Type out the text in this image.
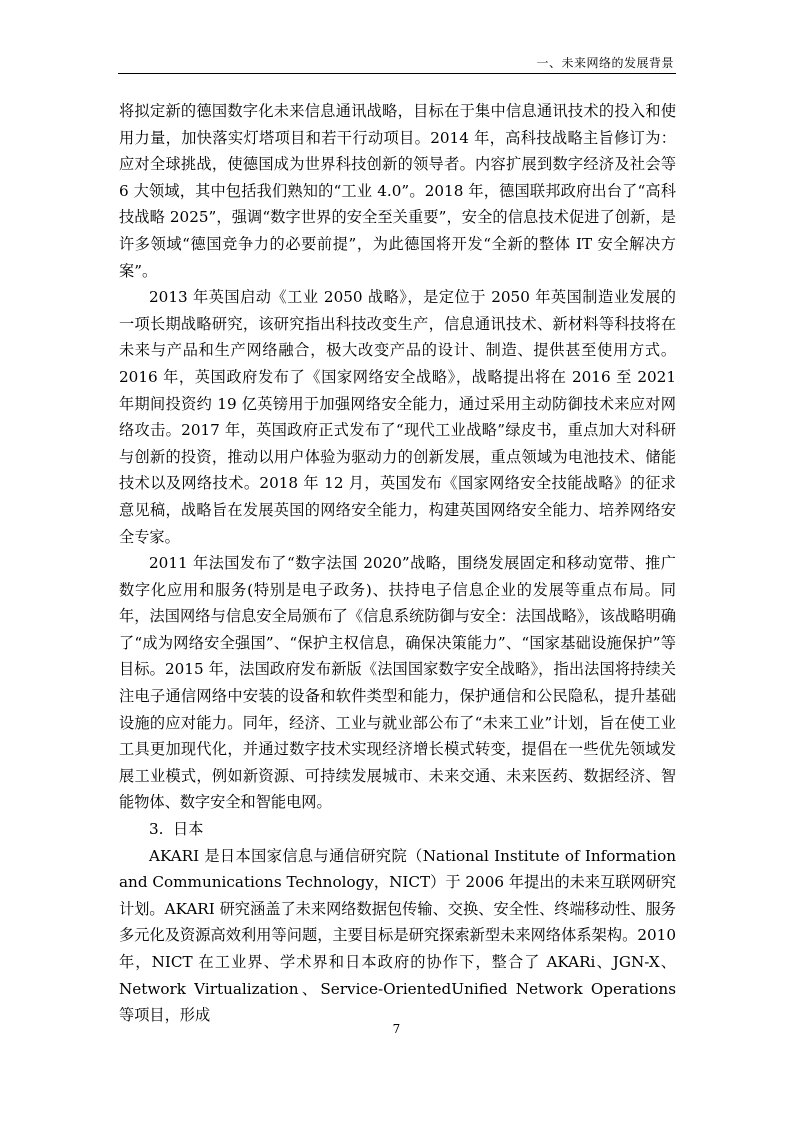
一、未来网络的发展背景

将拟定新的德国数字化未来信息通讯战略，目标在于集中信息通讯技术的投入和使用力量，加快落实灯塔项目和若干行动项目。2014 年，高科技战略主旨修订为：应对全球挑战，使德国成为世界科技创新的领导者。内容扩展到数字经济及社会等 6 大领域，其中包括我们熟知的“工业 4.0”。2018 年，德国联邦政府出台了“高科技战略 2025”，强调“数字世界的安全至关重要”，安全的信息技术促进了创新，是许多领域“德国竞争力的必要前提”，为此德国将开发“全新的整体 IT 安全解决方案”。

2013 年英国启动《工业 2050 战略》，是定位于 2050 年英国制造业发展的一项长期战略研究，该研究指出科技改变生产，信息通讯技术、新材料等科技将在未来与产品和生产网络融合，极大改变产品的设计、制造、提供甚至使用方式。2016 年，英国政府发布了《国家网络安全战略》，战略提出将在 2016 至 2021 年期间投资约 19 亿英镑用于加强网络安全能力，通过采用主动防御技术来应对网络攻击。2017 年，英国政府正式发布了“现代工业战略”绿皮书，重点加大对科研与创新的投资，推动以用户体验为驱动力的创新发展，重点领域为电池技术、储能技术以及网络技术。2018 年 12 月，英国发布《国家网络安全技能战略》的征求意见稿，战略旨在发展英国的网络安全能力，构建英国网络安全能力、培养网络安全专家。

2011 年法国发布了“数字法国 2020”战略，围绕发展固定和移动宽带、推广数字化应用和服务(特别是电子政务)、扶持电子信息企业的发展等重点布局。同年，法国网络与信息安全局颁布了《信息系统防御与安全：法国战略》，该战略明确了“成为网络安全强国”、“保护主权信息，确保决策能力”、“国家基础设施保护”等目标。2015 年，法国政府发布新版《法国国家数字安全战略》，指出法国将持续关注电子通信网络中安装的设备和软件类型和能力，保护通信和公民隐私，提升基础设施的应对能力。同年，经济、工业与就业部公布了“未来工业”计划，旨在使工业工具更加现代化，并通过数字技术实现经济增长模式转变，提倡在一些优先领域发展工业模式，例如新资源、可持续发展城市、未来交通、未来医药、数据经济、智能物体、数字安全和智能电网。

3. 日本

AKARI 是日本国家信息与通信研究院（National Institute of Information and Communications Technology，NICT）于 2006 年提出的未来互联网研究计划。AKARI 研究涵盖了未来网络数据包传输、交换、安全性、终端移动性、服务多元化及资源高效利用等问题，主要目标是研究探索新型未来网络体系架构。2010 年，NICT 在工业界、学术界和日本政府的协作下，整合了 AKARi、JGN-X、Network Virtualization、Service-OrientedUnified Network Operations 等项目，形成

7
